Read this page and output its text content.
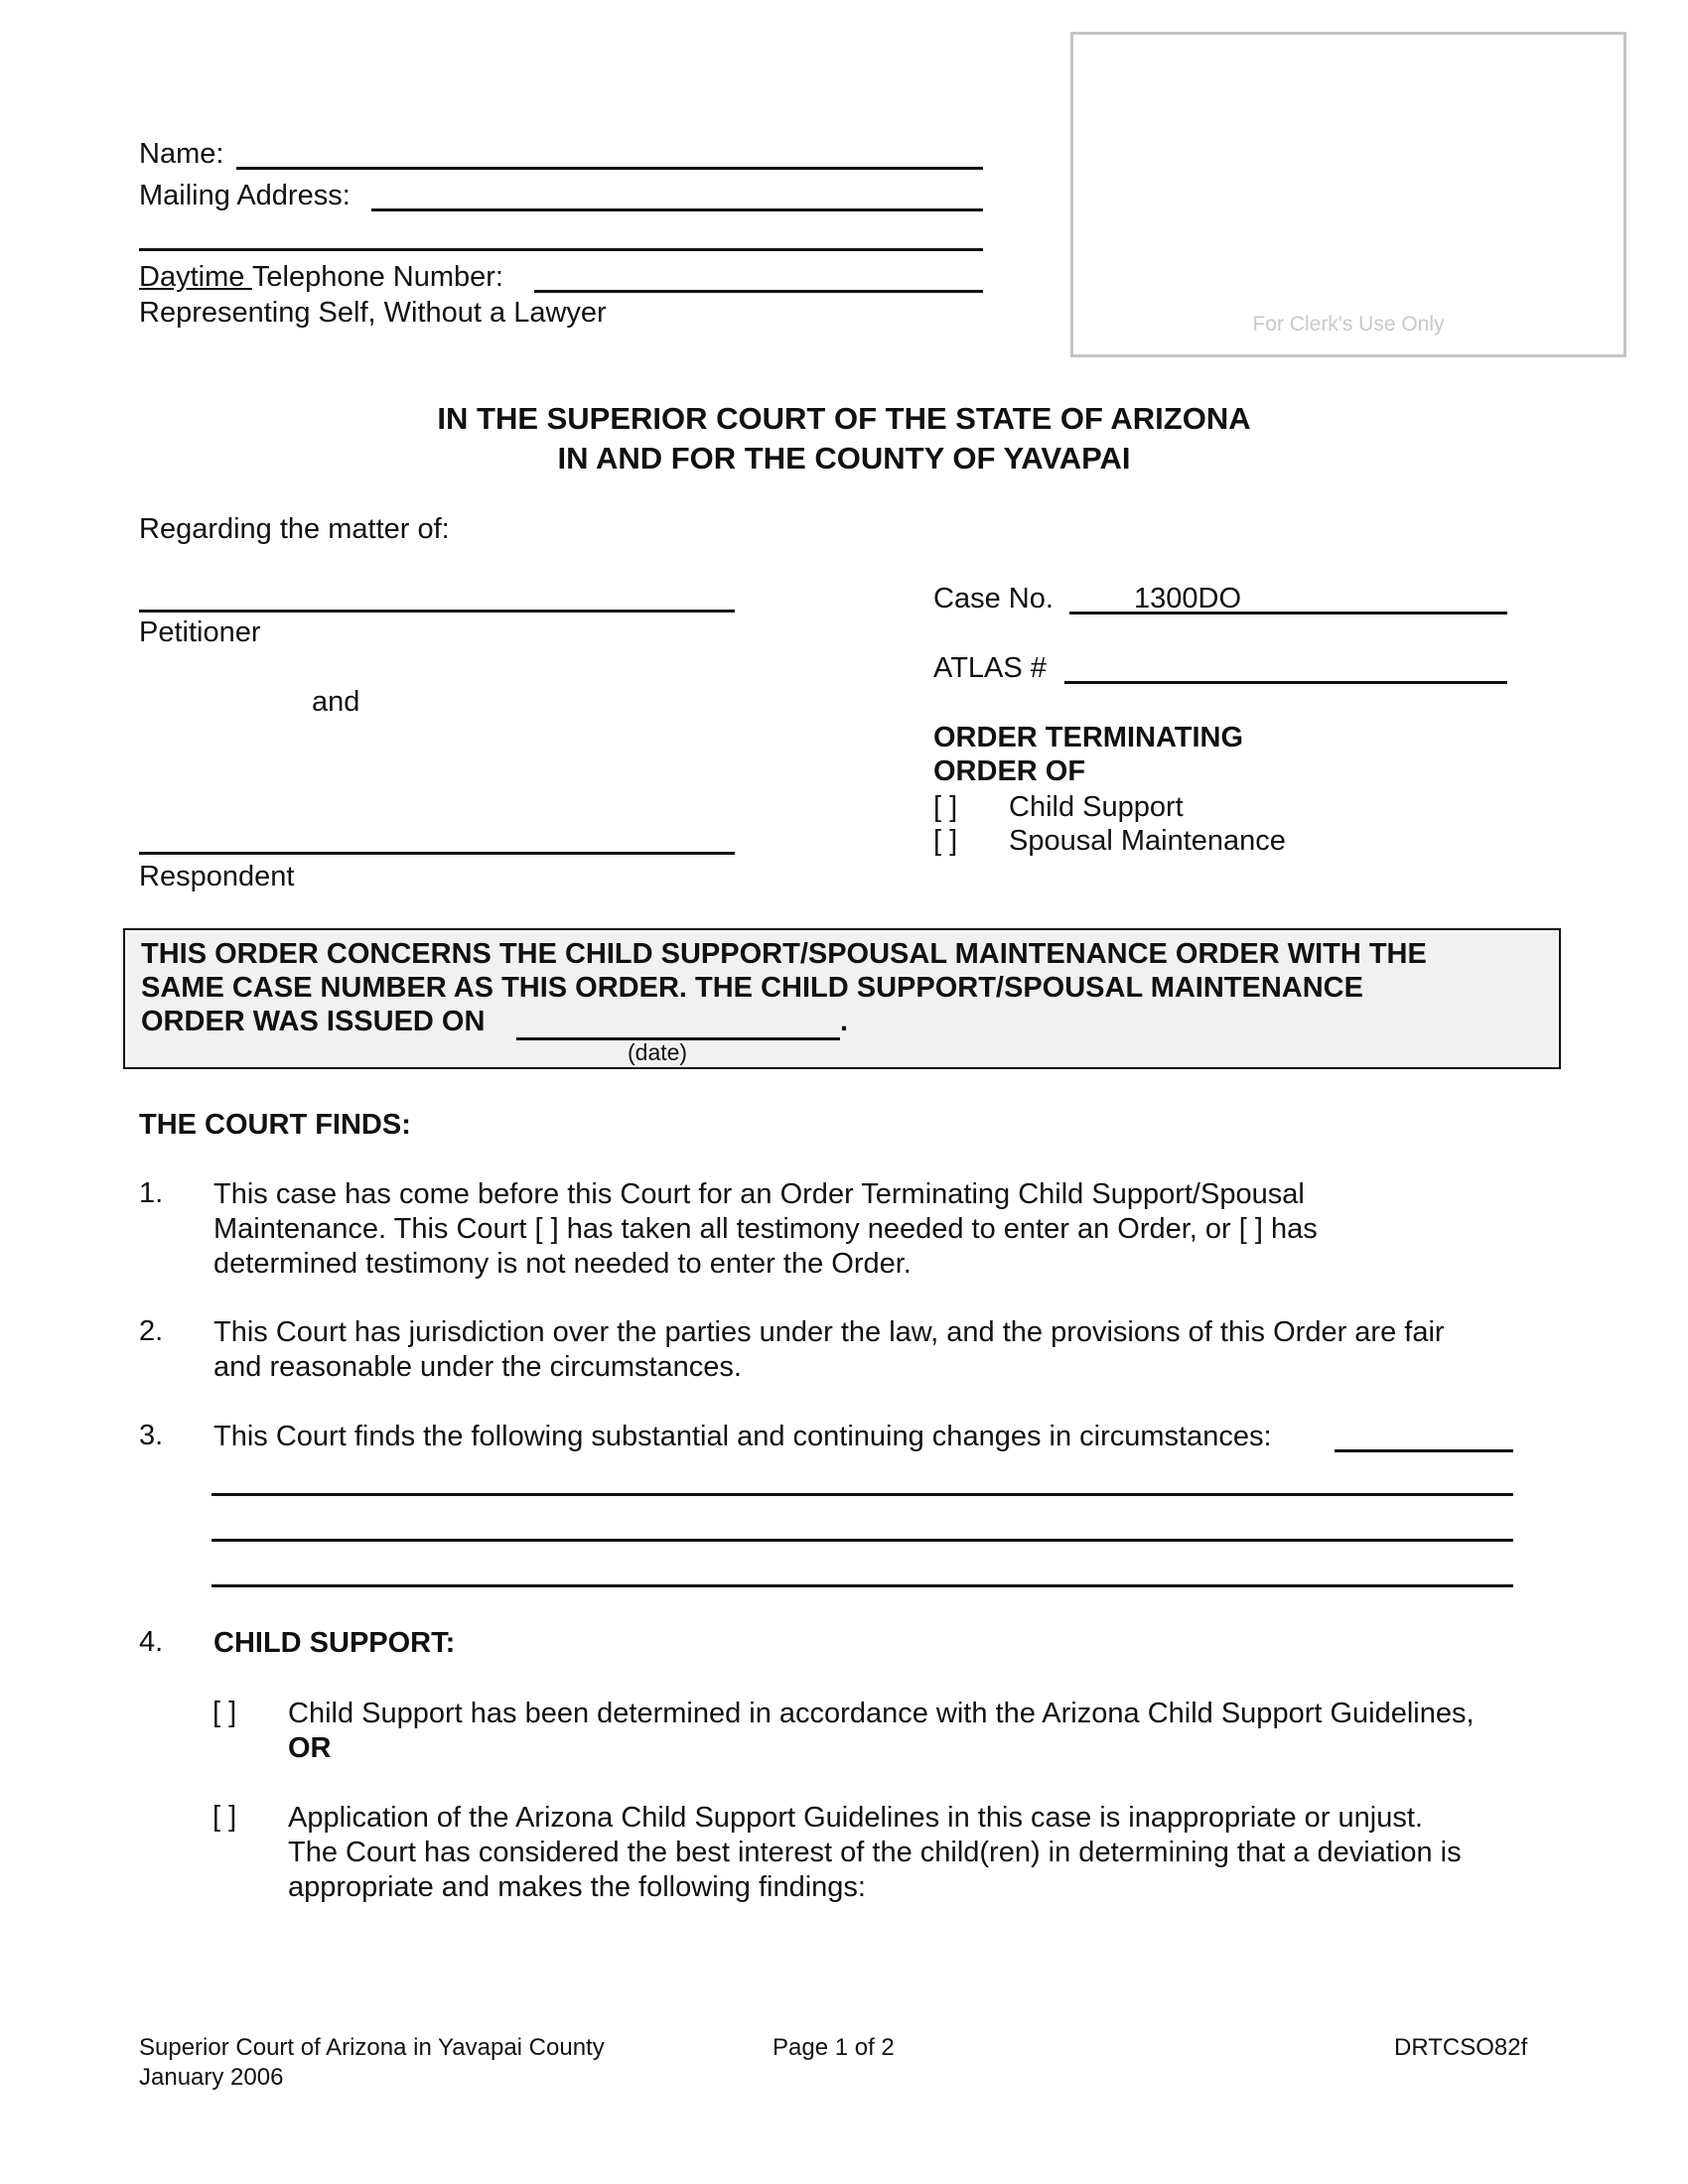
Name:
Mailing Address:
Daytime Telephone Number:
Representing Self, Without a Lawyer	For Clerk's Use Only
IN THE SUPERIOR COURT OF THE STATE OF ARIZONA
IN AND FOR THE COUNTY OF YAVAPAI
Regarding the matter of:
Petitioner
and
Respondent
Case No.	1300DO
ATLAS #
ORDER TERMINATING
ORDER OF
[ ] Child Support
[ ] Spousal Maintenance
THIS ORDER CONCERNS THE CHILD SUPPORT/SPOUSAL MAINTENANCE ORDER WITH THE
SAME CASE NUMBER AS THIS ORDER. THE CHILD SUPPORT/SPOUSAL MAINTENANCE
ORDER WAS ISSUED ON	.
(date)
THE COURT FINDS:
1. This case has come before this Court for an Order Terminating Child Support/Spousal
Maintenance. This Court [ ] has taken all testimony needed to enter an Order, or [ ] has
determined testimony is not needed to enter the Order.
2. This Court has jurisdiction over the parties under the law, and the provisions of this Order are fair
and reasonable under the circumstances.
3. This Court finds the following substantial and continuing changes in circumstances:
4. CHILD SUPPORT:
[ ] Child Support has been determined in accordance with the Arizona Child Support Guidelines,
OR
[ ] Application of the Arizona Child Support Guidelines in this case is inappropriate or unjust.
The Court has considered the best interest of the child(ren) in determining that a deviation is
appropriate and makes the following findings:
Superior Court of Arizona in Yavapai County
January 2006
Page 1 of 2	DRTCSO82f
